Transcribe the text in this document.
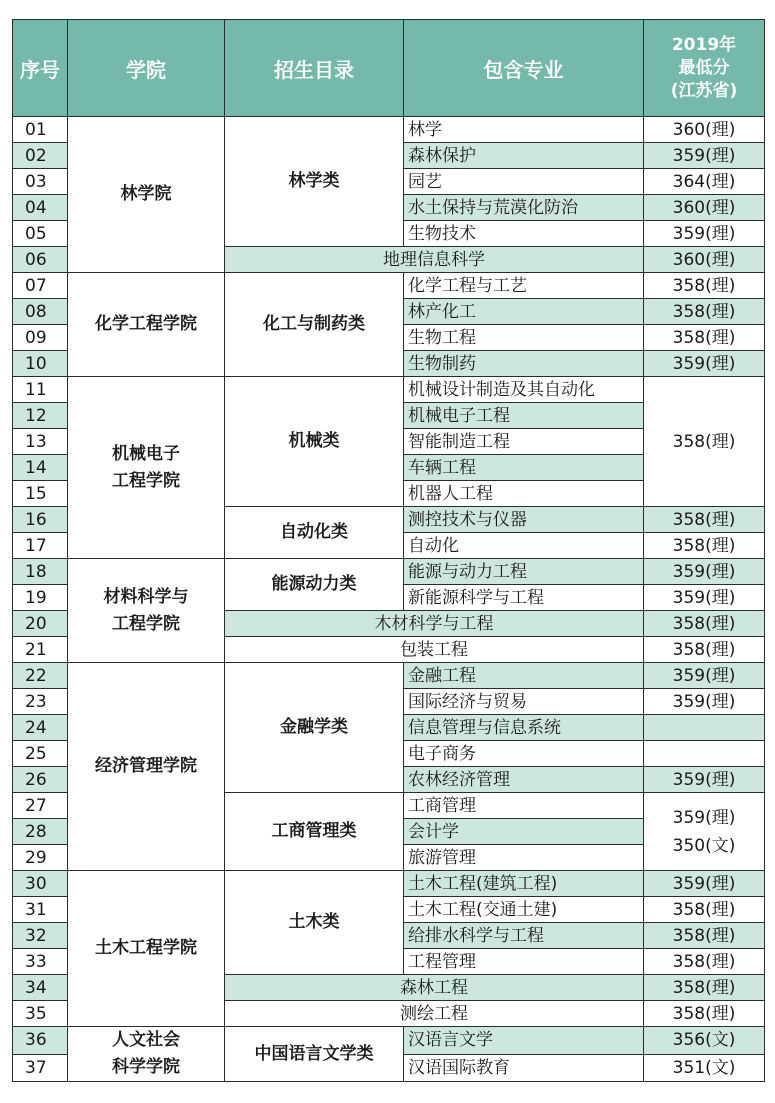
序号	学院	招生目录	包含专业	2019年
最低分
(江苏省)

01	林学院	林学类	林学	360(理)
02			森林保护	359(理)
03			园艺	364(理)
04			水土保持与荒漠化防治	360(理)
05			生物技术	359(理)
06		地理信息科学		360(理)
07	化学工程学院	化工与制药类	化学工程与工艺	358(理)
08			林产化工	358(理)
09			生物工程	358(理)
10			生物制药	359(理)
11	机械电子
工程学院	机械类	机械设计制造及其自动化	358(理)
12			机械电子工程	
13			智能制造工程	
14			车辆工程	
15			机器人工程	
16		自动化类	测控技术与仪器	358(理)
17			自动化	358(理)
18	材料科学与
工程学院	能源动力类	能源与动力工程	359(理)
19			新能源科学与工程	359(理)
20		木材科学与工程		358(理)
21		包装工程		358(理)
22	经济管理学院	金融学类	金融工程	359(理)
23			国际经济与贸易	359(理)
24			信息管理与信息系统	
25			电子商务	
26			农林经济管理	359(理)
27		工商管理类	工商管理	359(理)
350(文)

28			会计学	
29			旅游管理	
30	土木工程学院	土木类	土木工程(建筑工程)	359(理)
31			土木工程(交通土建)	358(理)
32			给排水科学与工程	358(理)
33			工程管理	358(理)
34		森林工程		358(理)
35		测绘工程		358(理)
36	人文社会
科学学院	中国语言文学类	汉语言文学	356(文)
37			汉语国际教育	351(文)
